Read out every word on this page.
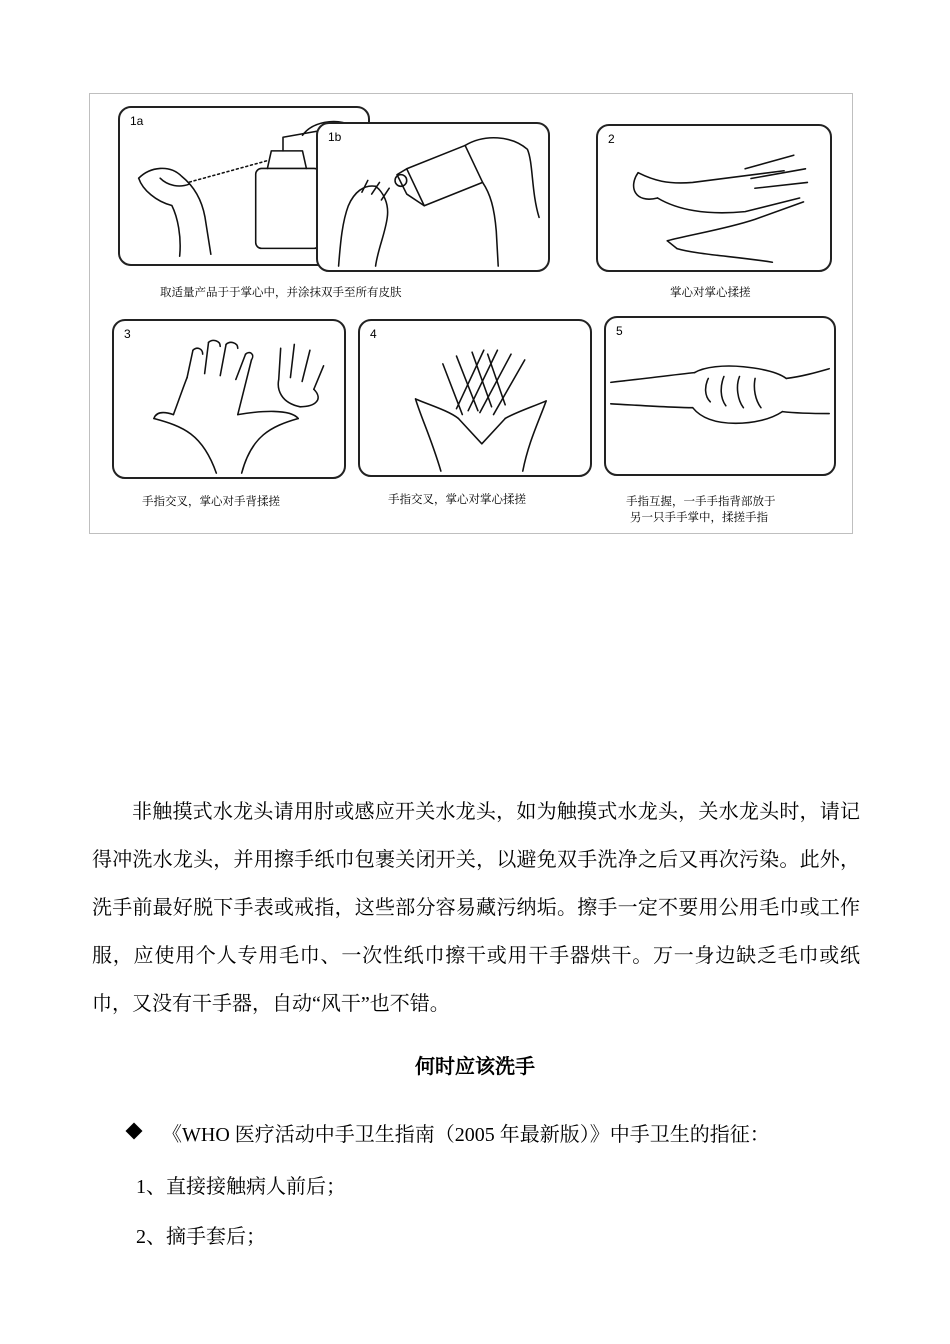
1a
1b	2
取适量产品于于掌心中，并涂抹双手至所有皮肤	掌心对掌心揉搓
3	4	5
手指交叉，掌心对手背揉搓	手指交叉，掌心对掌心揉搓	手指互握，一手手指背部放于
另一只手手掌中，揉搓手指

非触摸式水龙头请用肘或感应开关水龙头，如为触摸式水龙头，关水龙头时，请记得冲洗水龙头，并用擦手纸巾包裹关闭开关，以避免双手洗净之后又再次污染。此外，洗手前最好脱下手表或戒指，这些部分容易藏污纳垢。擦手一定不要用公用毛巾或工作服，应使用个人专用毛巾、一次性纸巾擦干或用干手器烘干。万一身边缺乏毛巾或纸巾，又没有干手器，自动“风干”也不错。

何时应该洗手

《WHO 医疗活动中手卫生指南（2005 年最新版）》中手卫生的指征：

1、直接接触病人前后；

2、摘手套后；
